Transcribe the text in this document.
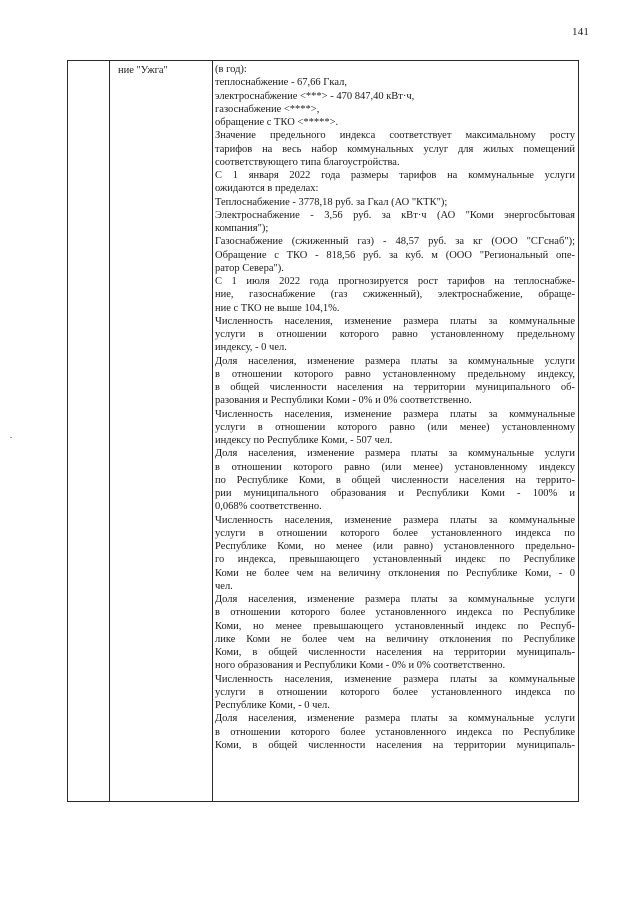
141
ние "Ужга"	(в год):
теплоснабжение - 67,66 Гкал,
электроснабжение <***> - 470 847,40 кВт·ч,
газоснабжение <****>,
обращение с ТКО <*****>.
Значение предельного индекса соответствует максимальному росту
тарифов на весь набор коммунальных услуг для жилых помещений
соответствующего типа благоустройства.
С 1 января 2022 года размеры тарифов на коммунальные услуги
ожидаются в пределах:
Теплоснабжение - 3778,18 руб. за Гкал (АО "КТК");
Электроснабжение - 3,56 руб. за кВт·ч (АО "Коми энергосбытовая
компания");
Газоснабжение (сжиженный газ) - 48,57 руб. за кг (ООО "СГснаб");
Обращение с ТКО - 818,56 руб. за куб. м (ООО "Региональный опе-
ратор Севера").
С 1 июля 2022 года прогнозируется рост тарифов на теплоснабже-
ние, газоснабжение (газ сжиженный), электроснабжение, обраще-
ние с ТКО не выше 104,1%.
Численность населения, изменение размера платы за коммунальные
услуги в отношении которого равно установленному предельному
индексу, - 0 чел.
Доля населения, изменение размера платы за коммунальные услуги
в отношении которого равно установленному предельному индексу,
в общей численности населения на территории муниципального об-
разования и Республики Коми - 0% и 0% соответственно.
Численность населения, изменение размера платы за коммунальные
услуги в отношении которого равно (или менее) установленному
индексу по Республике Коми, - 507 чел.
Доля населения, изменение размера платы за коммунальные услуги
в отношении которого равно (или менее) установленному индексу
по Республике Коми, в общей численности населения на террито-
рии муниципального образования и Республики Коми - 100% и
0,068% соответственно.
Численность населения, изменение размера платы за коммунальные
услуги в отношении которого более установленного индекса по
Республике Коми, но менее (или равно) установленного предельно-
го индекса, превышающего установленный индекс по Республике
Коми не более чем на величину отклонения по Республике Коми, - 0
чел.
Доля населения, изменение размера платы за коммунальные услуги
в отношении которого более установленного индекса по Республике
Коми, но менее превышающего установленный индекс по Респуб-
лике Коми не более чем на величину отклонения по Республике
Коми, в общей численности населения на территории муниципаль-
ного образования и Республики Коми - 0% и 0% соответственно.
Численность населения, изменение размера платы за коммунальные
услуги в отношении которого более установленного индекса по
Республике Коми, - 0 чел.
Доля населения, изменение размера платы за коммунальные услуги
в отношении которого более установленного индекса по Республике
Коми, в общей численности населения на территории муниципаль-
